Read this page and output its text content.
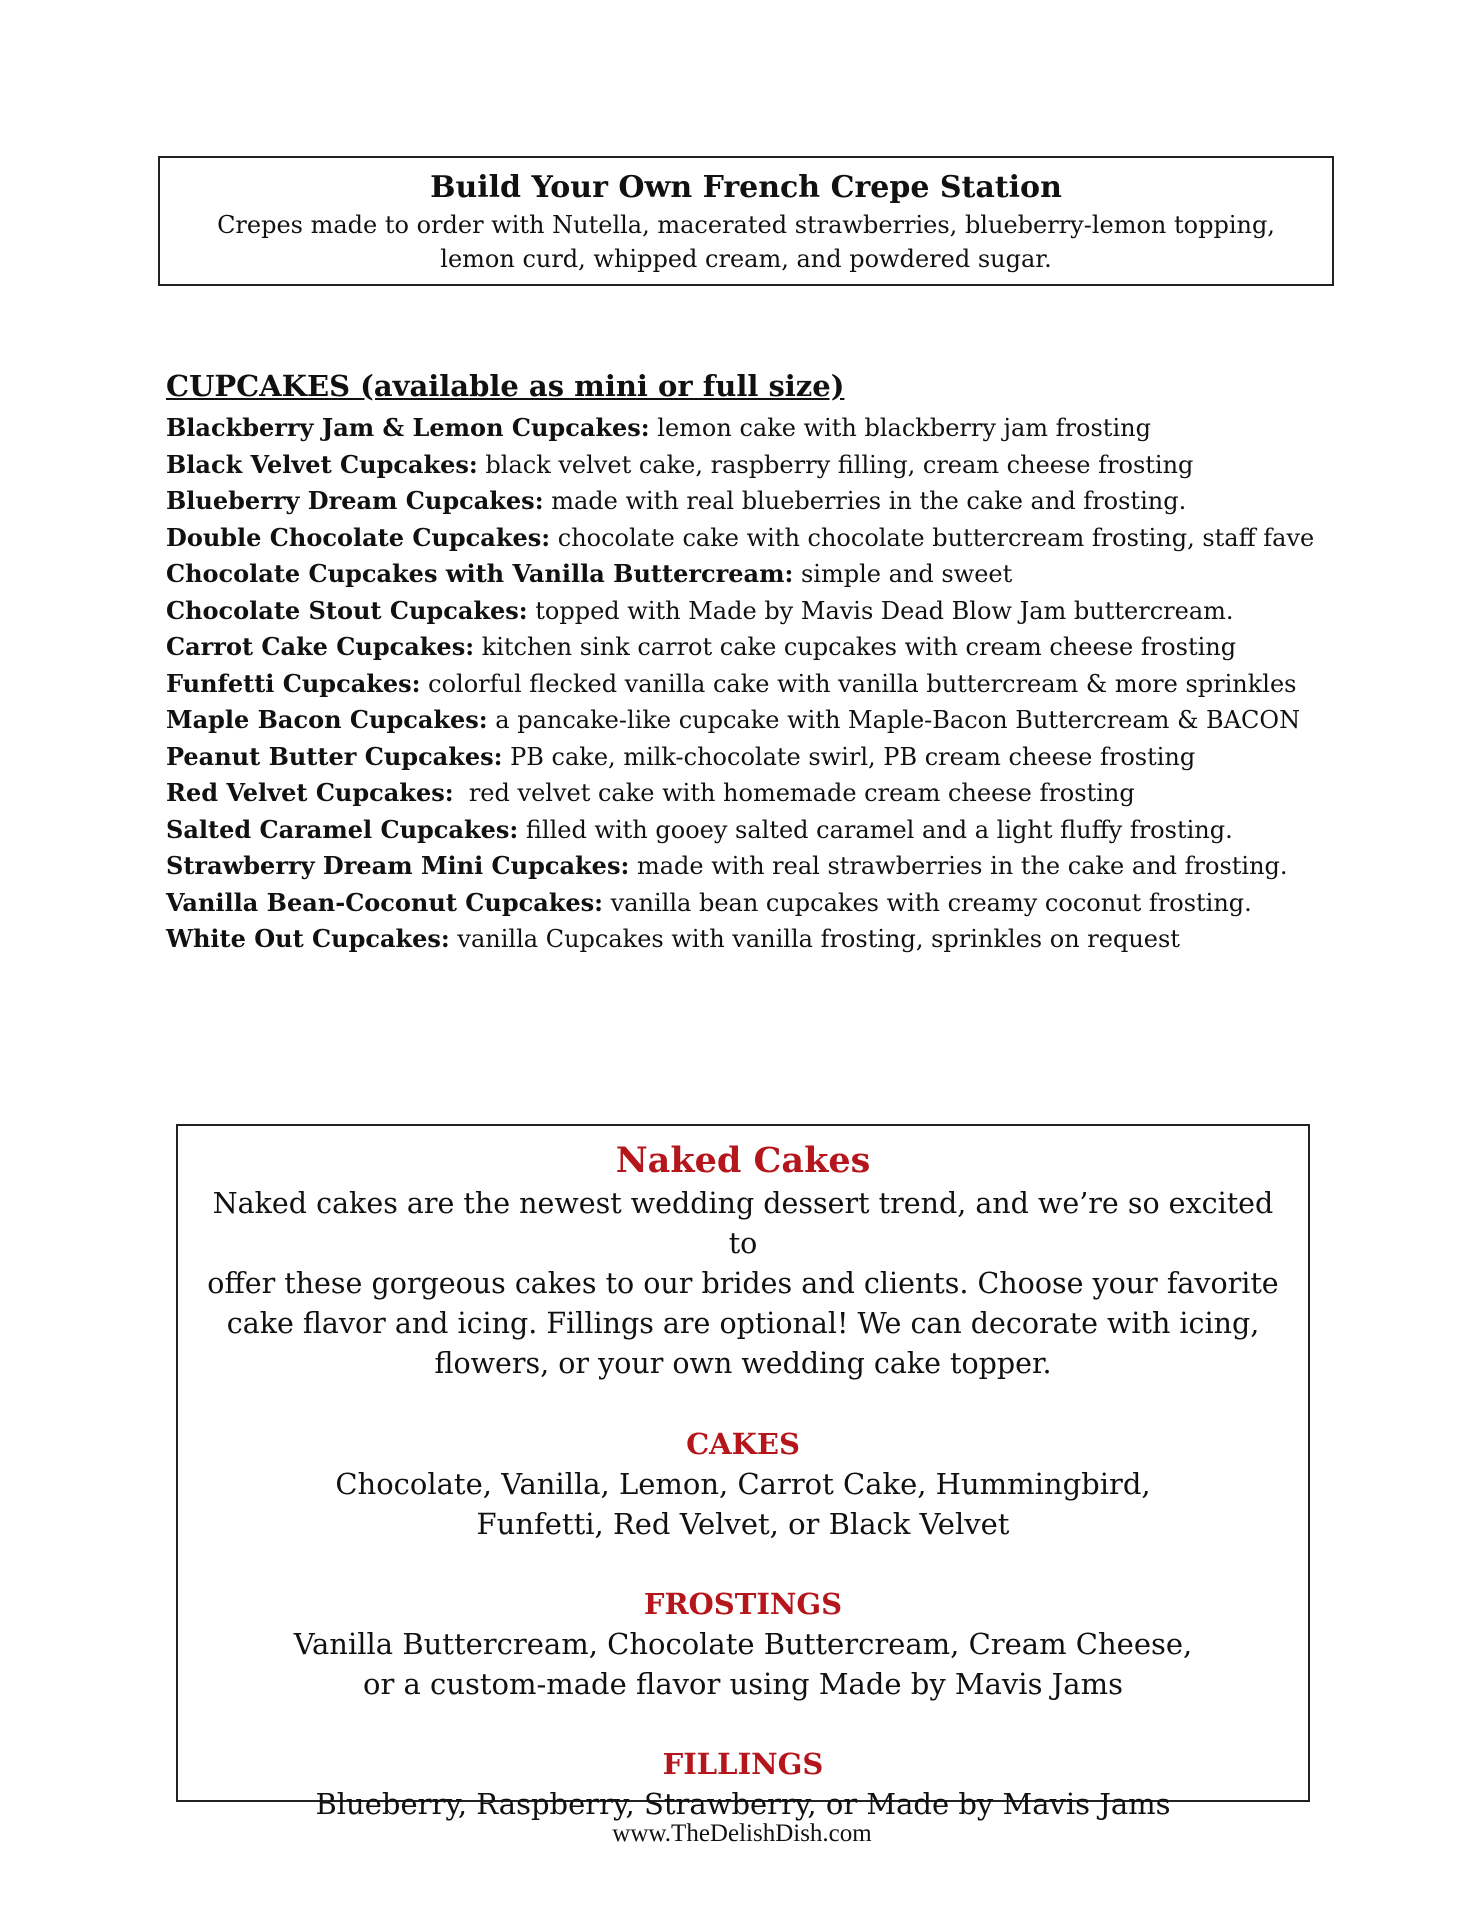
Build Your Own French Crepe Station

Crepes made to order with Nutella, macerated strawberries, blueberry-lemon topping,

lemon curd, whipped cream, and powdered sugar.

CUPCAKES (available as mini or full size)
Blackberry Jam & Lemon Cupcakes: lemon cake with blackberry jam frosting
Black Velvet Cupcakes: black velvet cake, raspberry filling, cream cheese frosting
Blueberry Dream Cupcakes: made with real blueberries in the cake and frosting.
Double Chocolate Cupcakes: chocolate cake with chocolate buttercream frosting, staff fave
Chocolate Cupcakes with Vanilla Buttercream: simple and sweet
Chocolate Stout Cupcakes: topped with Made by Mavis Dead Blow Jam buttercream.
Carrot Cake Cupcakes: kitchen sink carrot cake cupcakes with cream cheese frosting
Funfetti Cupcakes: colorful flecked vanilla cake with vanilla buttercream & more sprinkles
Maple Bacon Cupcakes: a pancake-like cupcake with Maple-Bacon Buttercream & BACON
Peanut Butter Cupcakes: PB cake, milk-chocolate swirl, PB cream cheese frosting
Red Velvet Cupcakes:  red velvet cake with homemade cream cheese frosting
Salted Caramel Cupcakes: filled with gooey salted caramel and a light fluffy frosting.
Strawberry Dream Mini Cupcakes: made with real strawberries in the cake and frosting.
Vanilla Bean-Coconut Cupcakes: vanilla bean cupcakes with creamy coconut frosting.
White Out Cupcakes: vanilla Cupcakes with vanilla frosting, sprinkles on request
Naked Cakes

Naked cakes are the newest wedding dessert trend, and we’re so excited to

offer these gorgeous cakes to our brides and clients. Choose your favorite

cake flavor and icing. Fillings are optional! We can decorate with icing,

flowers, or your own wedding cake topper.

CAKES

Chocolate, Vanilla, Lemon, Carrot Cake, Hummingbird,

Funfetti, Red Velvet, or Black Velvet

FROSTINGS

Vanilla Buttercream, Chocolate Buttercream, Cream Cheese,

or a custom-made flavor using Made by Mavis Jams

FILLINGS

Blueberry, Raspberry, Strawberry, or Made by Mavis Jams

www.TheDelishDish.com
